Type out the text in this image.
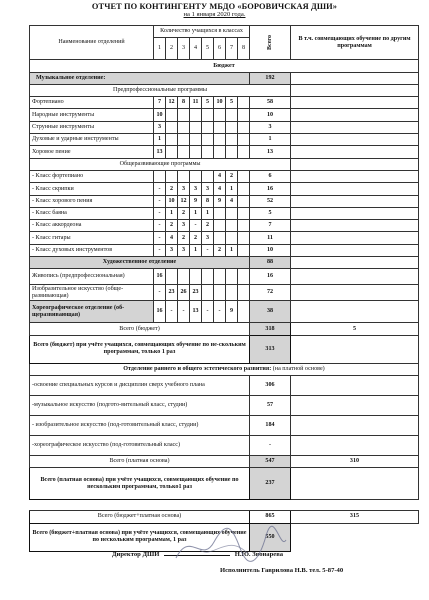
ОТЧЕТ ПО КОНТИНГЕНТУ МБДО «БОРОВИЧСКАЯ ДШИ»
на 1 января 2020 года.
Наименование отделений	Количество учащихся в классах								Всего	В т.ч. совмещающих обучение по другим программам
	1	2	3	4	5	6	7	8		
Бюджет										
Музыкальное отделение:									192	
Предпрофессиональные программы										
Фортепиано	7	12	8	11	5	10	5		58	
Народные инструменты	10								10	
Струнные инструменты	3								3	
Духовые и ударные инструменты	1								1	
Хоровое пение	13								13	
Общеразвивающие программы										
- Класс фортепиано						4	2		6	
- Класс скрипки	-	2	3	3	3	4	1		16	
- Класс хорового пения	-	10	12	9	8	9	4		52	
- Класс баяна	-	1	2	1	1				5	
- Класс аккордеона	-	2	3	-	2				7	
- Класс гитары	-	4	2	2	3				11	
- Класс духовых инструментов	-	3	3	1	-	2	1		10	
Художественное отделение									88	
Живопись (предпрофессиональная)	16								16	
Изобразительное искусство (обще-развивающая)	-	23	26	23					72	
Хореографическое отделение (об-щеразвивающая)	16	-	-	13	-	-	9		38	
Всего (бюджет)									318	5
Всего (бюджет) при учёте учащихся, совмещающих обучение по не-скольким программам, только 1 раз									313	
Отделение раннего и общего эстетического развития: (на платной основе)										
-освоение специальных курсов и дисциплин сверх учебного плана									306	
-музыкальное искусство (подгото-вительный класс, студии)									57	
- изобразительное искусство (под-готовительный класс, студии)									184	
-хореографическое искусство (под-готовительный класс)									-	
Всего (платная основа)									547	310
Всего (платная основа) при учёте учащихся, совмещающих обучение по нескольким программам, только1 раз									237	

Всего (бюджет+платная основа)									865	315
Всего (бюджет+платная основа) при учёте учащихся, совмещающих обучение по нескольким программам, 1 раз									550	
Директор ДШИ	Н.Ю. Звонарева
Исполнитель Гаврилова Н.В. тел. 5-87-40
